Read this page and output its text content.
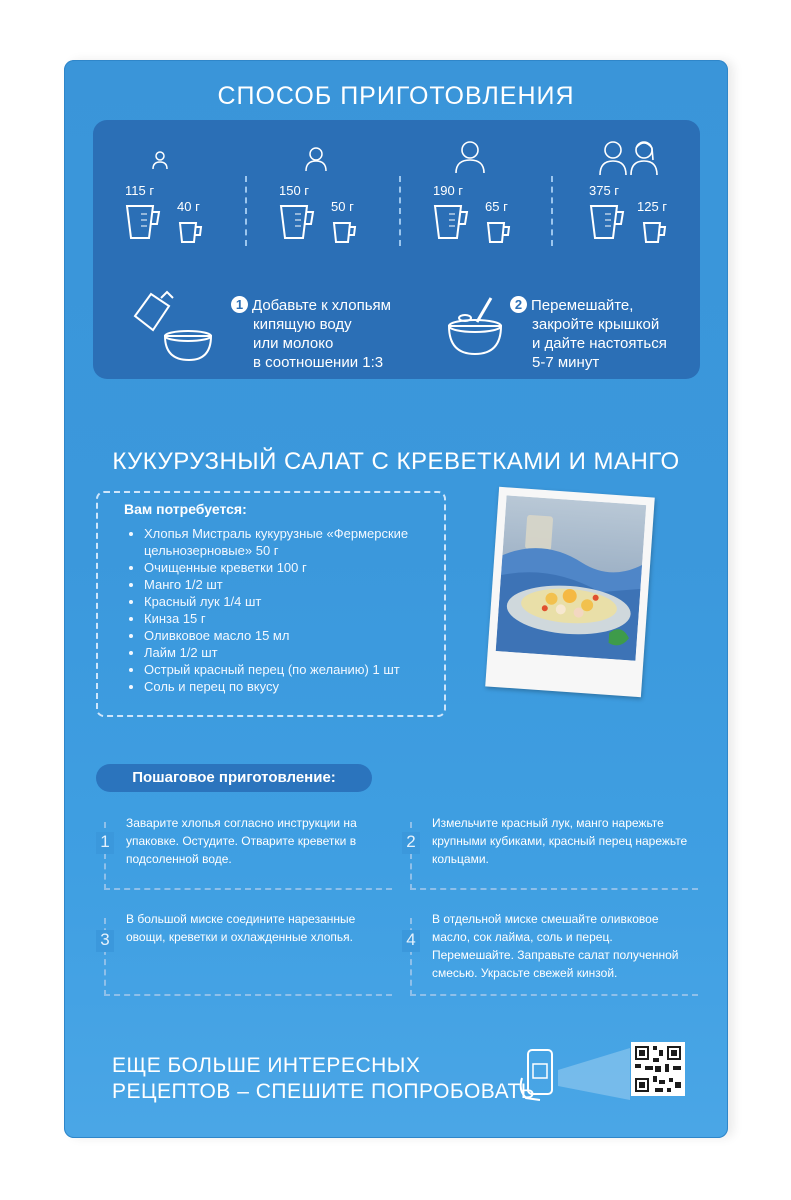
СПОСОБ ПРИГОТОВЛЕНИЯ
115 г
40 г
150 г
50 г
190 г
65 г
375 г
125 г
1 Добавьте к хлопьям
кипящую воду
или молоко
в соотношении 1:3
2 Перемешайте,
закройте крышкой
и дайте настояться
5-7 минут
КУКУРУЗНЫЙ САЛАТ С КРЕВЕТКАМИ И МАНГО
Вам потребуется:
• Хлопья Мистраль кукурузные «Фермерские цельнозерновые» 50 г
• Очищенные креветки 100 г
• Манго 1/2 шт
• Красный лук 1/4 шт
• Кинза 15 г
• Оливковое масло 15 мл
• Лайм 1/2 шт
• Острый красный перец (по желанию) 1 шт
• Соль и перец по вкусу
Пошаговое приготовление:
1
Заварите хлопья согласно инструкции на упаковке. Остудите. Отварите креветки в подсоленной воде.
2
Измельчите красный лук, манго нарежьте крупными кубиками, красный перец нарежьте кольцами.
3
В большой миске соедините нарезанные овощи, креветки и охлажденные хлопья.	4
В отдельной миске смешайте оливковое масло, сок лайма, соль и перец. Перемешайте. Заправьте салат полученной смесью. Украсьте свежей кинзой.
ЕЩЕ БОЛЬШЕ ИНТЕРЕСНЫХ
РЕЦЕПТОВ – СПЕШИТЕ ПОПРОБОВАТЬ
